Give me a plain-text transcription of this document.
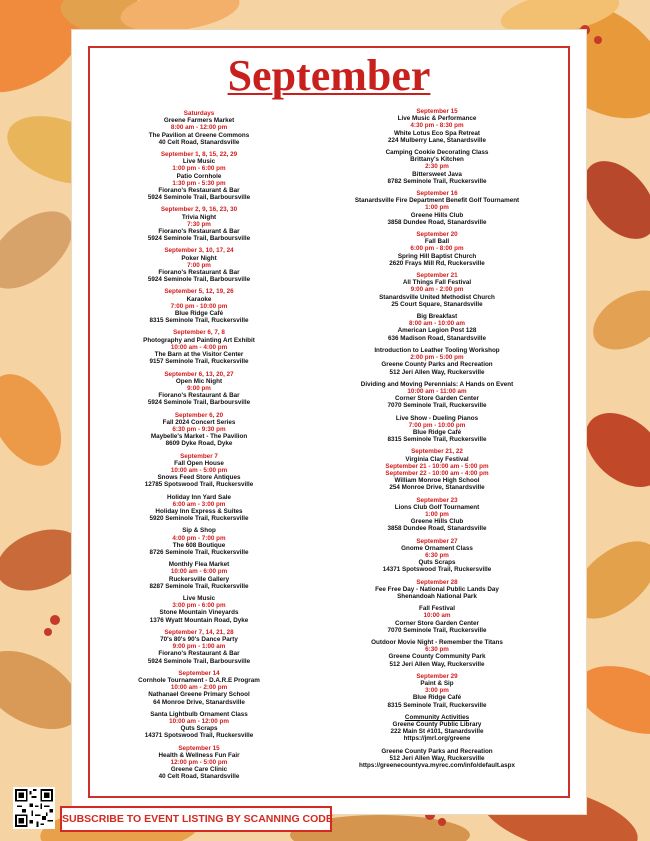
September
Saturdays
Greene Farmers Market
8:00 am - 12:00 pm
The Pavilion at Greene Commons
40 Celt Road, Stanardsville
September 1, 8, 15, 22, 29
Live Music
1:00 pm - 6:00 pm
Patio Cornhole
1:30 pm - 5:30 pm
Fiorano's Restaurant & Bar
5924 Seminole Trail, Barboursville
September 2, 9, 16, 23, 30
Trivia Night
7:30 pm
Fiorano's Restaurant & Bar
5924 Seminole Trail, Barboursville
September 3, 10, 17, 24
Poker Night
7:00 pm
Fiorano's Restaurant & Bar
5924 Seminole Trail, Barboursville
September 5, 12, 19, 26
Karaoke
7:00 pm - 10:00 pm
Blue Ridge Café
8315 Seminole Trail, Ruckersville
September 6, 7, 8
Photography and Painting Art Exhibit
10:00 am - 4:00 pm
The Barn at the Visitor Center
9157 Seminole Trail, Ruckersville
September 6, 13, 20, 27
Open Mic Night
9:00 pm
Fiorano's Restaurant & Bar
5924 Seminole Trail, Barboursville
September 6, 20
Fall 2024 Concert Series
6:30 pm - 9:30 pm
Maybelle's Market - The Pavilion
8609 Dyke Road, Dyke
September 7
Fall Open House
10:00 am - 5:00 pm
Snows Feed Store Antiques
12785 Spotswood Trail, Ruckersville
Holiday Inn Yard Sale
6:00 am - 3:00 pm
Holiday Inn Express & Suites
5920 Seminole Trail, Ruckersville
Sip & Shop
4:00 pm - 7:00 pm
The 608 Boutique
8726 Seminole Trail, Ruckersville
Monthly Flea Market
10:00 am - 6:00 pm
Ruckersville Gallery
8287 Seminole Trail, Ruckersville
Live Music
3:00 pm - 6:00 pm
Stone Mountain Vineyards
1376 Wyatt Mountain Road, Dyke
September 7, 14, 21, 28
70's 80's 90's Dance Party
9:00 pm - 1:00 am
Fiorano's Restaurant & Bar
5924 Seminole Trail, Barboursville
September 14
Cornhole Tournament - D.A.R.E Program
10:00 am - 2:00 pm
Nathanael Greene Primary School
64 Monroe Drive, Stanardsville
Santa Lightbulb Ornament Class
10:00 am - 12:00 pm
Quts Scraps
14371 Spotswood Trail, Ruckersville
September 15
Health & Wellness Fun Fair
12:00 pm - 5:00 pm
Greene Care Clinic
40 Celt Road, Stanardsville
September 15
Live Music & Performance
4:30 pm - 8:30 pm
White Lotus Eco Spa Retreat
224 Mulberry Lane, Stanardsville
Camping Cookie Decorating Class
Brittany's Kitchen
2:30 pm
Bittersweet Java
8782 Seminole Trail, Ruckersville
September 16
Stanardsville Fire Department Benefit Golf Tournament
1:00 pm
Greene Hills Club
3858 Dundee Road, Stanardsville
September 20
Fall Ball
6:00 pm - 8:00 pm
Spring Hill Baptist Church
2620 Frays Mill Rd, Ruckersville
September 21
All Things Fall Festival
9:00 am - 2:00 pm
Stanardsville United Methodist Church
25 Court Square, Stanardsville
Big Breakfast
8:00 am - 10:00 am
American Legion Post 128
636 Madison Road, Stanardsville
Introduction to Leather Tooling Workshop
2:00 pm - 5:00 pm
Greene County Parks and Recreation
512 Jeri Allen Way, Ruckersville
Dividing and Moving Perennials: A Hands on Event
10:00 am - 11:00 am
Corner Store Garden Center
7070 Seminole Trail, Ruckersville
Live Show - Dueling Pianos
7:00 pm - 10:00 pm
Blue Ridge Café
8315 Seminole Trail, Ruckersville
September 21, 22
Virginia Clay Festival
September 21 - 10:00 am - 5:00 pm
September 22 - 10:00 am - 4:00 pm
William Monroe High School
254 Monroe Drive, Stanardsville
September 23
Lions Club Golf Tournament
1:00 pm
Greene Hills Club
3858 Dundee Road, Stanardsville
September 27
Gnome Ornament Class
6:30 pm
Quts Scraps
14371 Spotswood Trail, Ruckersville
September 28
Fee Free Day - National Public Lands Day
Shenandoah National Park
Fall Festival
10:00 am
Corner Store Garden Center
7070 Seminole Trail, Ruckersville
Outdoor Movie Night - Remember the Titans
6:30 pm
Greene County Community Park
512 Jeri Allen Way, Ruckersville
September 29
Paint & Sip
3:00 pm
Blue Ridge Café
8315 Seminole Trail, Ruckersville
Community Activities
Greene County Public Library
222 Main St #101, Stanardsville
https://jmrl.org/greene
Greene County Parks and Recreation
512 Jeri Allen Way, Ruckersville
https://greenecountyva.myrec.com/info/default.aspx
SUBSCRIBE TO EVENT LISTING BY SCANNING CODE
